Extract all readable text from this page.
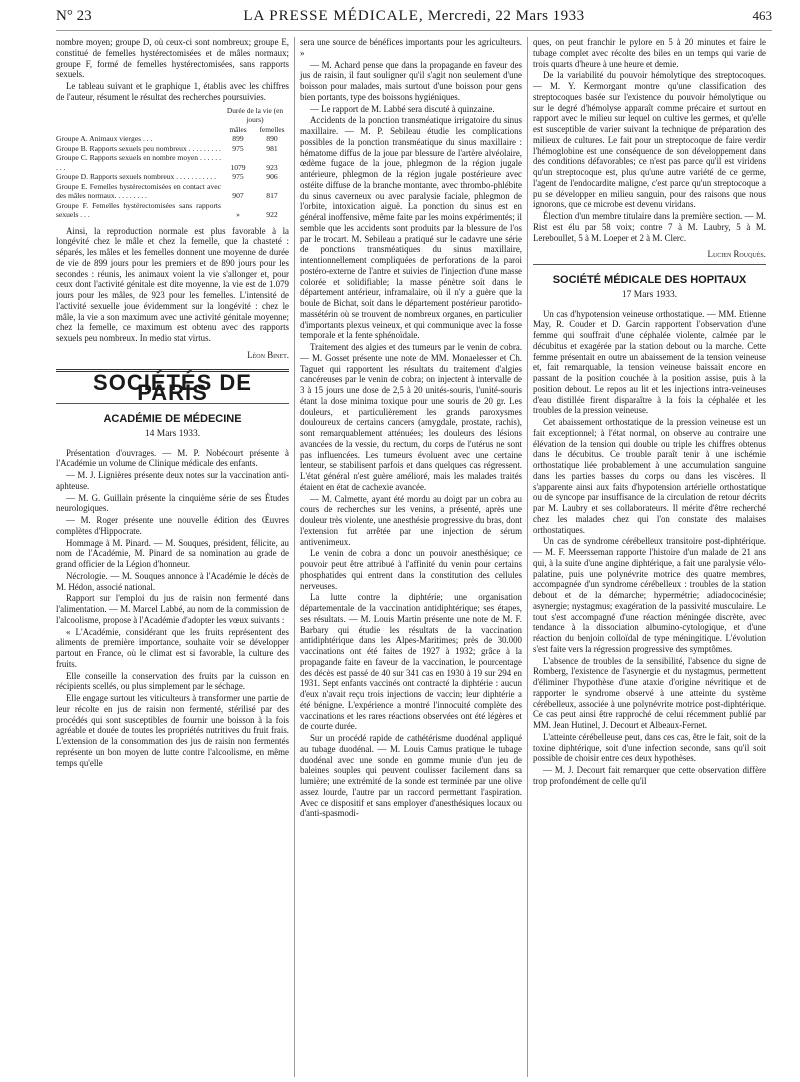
N° 23	LA PRESSE MÉDICALE, Mercredi, 22 Mars 1933	463

nombre moyen; groupe D, où ceux-ci sont nombreux; groupe E, constitué de femelles hystérectomisées et de mâles normaux; groupe F, formé de femelles hystérectomisées, sans rapports sexuels.

Le tableau suivant et le graphique 1, établis avec les chiffres de l'auteur, résument le résultat des recherches poursuivies.

	Durée de la vie (en jours)	
	mâles	femelles
Groupe A. Animaux vierges . . .	899	890
Groupe B. Rapports sexuels peu nombreux . . . . . . . . .	975	981
Groupe C. Rapports sexuels en nombre moyen . . . . . . . . .	1079	923
Groupe D. Rapports sexuels nombreux . . . . . . . . . . .	975	906
Groupe E. Femelles hystérectomisées en contact avec des mâles normaux. . . . . . . . .	907	817
Groupe F. Femelles hystérectomisées sans rapports sexuels . . .	»	922

Ainsi, la reproduction normale est plus favorable à la longévité chez le mâle et chez la femelle, que la chasteté : séparés, les mâles et les femelles donnent une moyenne de durée de vie de 899 jours pour les premiers et de 890 jours pour les secondes : réunis, les animaux voient la vie s'allonger et, pour ceux dont l'activité génitale est dite moyenne, la vie est de 1.079 jours pour les mâles, de 923 pour les femelles. L'intensité de l'activité sexuelle joue évidemment sur la longévité : chez le mâle, la vie a son maximum avec une activité génitale moyenne; chez la femelle, ce maximum est obtenu avec des rapports sexuels peu nombreux. In medio stat virtus.

Léon Binet.
SOCIÉTÉS DE PARIS
ACADÉMIE DE MÉDECINE
14 Mars 1933.

Présentation d'ouvrages. — M. P. Nobécourt présente à l'Académie un volume de Clinique médicale des enfants.

— M. J. Lignières présente deux notes sur la vaccination anti-aphteuse.

— M. G. Guillain présente la cinquième série de ses Études neurologiques.

— M. Roger présente une nouvelle édition des Œuvres complètes d'Hippocrate.

Hommage à M. Pinard. — M. Souques, président, félicite, au nom de l'Académie, M. Pinard de sa nomination au grade de grand officier de la Légion d'honneur.

Nécrologie. — M. Souques annonce à l'Académie le décès de M. Hédon, associé national.

Rapport sur l'emploi du jus de raisin non fermenté dans l'alimentation. — M. Marcel Labbé, au nom de la commission de l'alcoolisme, propose à l'Académie d'adopter les vœux suivants :

« L'Académie, considérant que les fruits représentent des aliments de première importance, souhaite voir se développer partout en France, où le climat est si favorable, la culture des fruits.

Elle conseille la conservation des fruits par la cuisson en récipients scellés, ou plus simplement par le séchage.

Elle engage surtout les viticulteurs à transformer une partie de leur récolte en jus de raisin non fermenté, stérilisé par des procédés qui sont susceptibles de fournir une boisson à la fois agréable et douée de toutes les propriétés nutritives du fruit frais. L'extension de la consommation des jus de raisin non fermentés représente un bon moyen de lutte contre l'alcoolisme, en même temps qu'elle

sera une source de bénéfices importants pour les agriculteurs. »

— M. Achard pense que dans la propagande en faveur des jus de raisin, il faut souligner qu'il s'agit non seulement d'une boisson pour malades, mais surtout d'une boisson pour gens bien portants, type des boissons hygiéniques.

— Le rapport de M. Labbé sera discuté à quinzaine.

Accidents de la ponction transméatique irrigatoire du sinus maxillaire. — M. P. Sebileau étudie les complications possibles de la ponction transméatique du sinus maxillaire : hématome diffus de la joue par blessure de l'artère alvéolaire, œdème fugace de la joue, phlegmon de la région jugale antérieure, phlegmon de la région jugale postérieure avec ostéite diffuse de la branche montante, avec thrombo-phlébite du sinus caverneux ou avec paralysie faciale, phlegmon de l'orbite, intoxication aiguë. La ponction du sinus est en général inoffensive, même faite par les moins expérimentés; il semble que les accidents sont produits par la blessure de l'os par le trocart. M. Sebileau a pratiqué sur le cadavre une série de ponctions transméatiques du sinus maxillaire, intentionnellement compliquées de perforations de la paroi postéro-externe de l'antre et suivies de l'injection d'une masse colorée et solidifiable; la masse pénètre soit dans le département antérieur, inframalaire, où il n'y a guère que la boule de Bichat, soit dans le département postérieur parotido-massétérin où se trouvent de nombreux organes, en particulier d'importants plexus veineux, et qui communique avec la fosse temporale et la fente sphénoïdale.

Traitement des algies et des tumeurs par le venin de cobra. — M. Gosset présente une note de MM. Monaelesser et Ch. Taguet qui rapportent les résultats du traitement d'algies cancéreuses par le venin de cobra; on injectent à intervalle de 3 à 15 jours une dose de 2,5 à 20 unités-souris, l'unité-souris étant la dose minima toxique pour une souris de 20 gr. Les douleurs, et particulièrement les grands paroxysmes douloureux de certains cancers (amygdale, prostate, rachis), sont remarquablement atténuées; les douleurs des lésions avancées de la vessie, du rectum, du corps de l'utérus ne sont pas influencées. Les tumeurs évoluent avec une certaine lenteur, se stabilisent parfois et dans quelques cas régressent. L'état général n'est guère amélioré, mais les malades traités étaient en état de cachexie avancée.

— M. Calmette, ayant été mordu au doigt par un cobra au cours de recherches sur les venins, a présenté, après une douleur très violente, une anesthésie progressive du bras, dont l'extension fut arrêtée par une injection de sérum antivenimeux.

Le venin de cobra a donc un pouvoir anesthésique; ce pouvoir peut être attribué à l'affinité du venin pour certains phosphatides qui entrent dans la constitution des cellules nerveuses.

La lutte contre la diphtérie; une organisation départementale de la vaccination antidiphtérique; ses étapes, ses résultats. — M. Louis Martin présente une note de M. F. Barbary qui étudie les résultats de la vaccination antidiphtérique dans les Alpes-Maritimes; près de 30.000 vaccinations ont été faites de 1927 à 1932; grâce à la propagande faite en faveur de la vaccination, le pourcentage des décès est passé de 40 sur 341 cas en 1930 à 19 sur 294 en 1931. Sept enfants vaccinés ont contracté la diphtérie : aucun d'eux n'avait reçu trois injections de vaccin; leur diphtérie a été bénigne. L'expérience a montré l'innocuité complète des vaccinations et les rares réactions observées ont été légères et de courte durée.

Sur un procédé rapide de cathétérisme duodénal appliqué au tubage duodénal. — M. Louis Camus pratique le tubage duodénal avec une sonde en gomme munie d'un jeu de baleines souples qui peuvent coulisser facilement dans sa lumière; une extrémité de la sonde est terminée par une olive assez lourde, l'autre par un raccord permettant l'aspiration. Avec ce dispositif et sans employer d'anesthésiques locaux ou d'anti-spasmodi-

ques, on peut franchir le pylore en 5 à 20 minutes et faire le tubage complet avec récolte des biles en un temps qui varie de trois quarts d'heure à une heure et demie.

De la variabilité du pouvoir hémolytique des streptocoques. — M. Y. Kermorgant montre qu'une classification des streptocoques basée sur l'existence du pouvoir hémolytique ou sur le degré d'hémolyse apparaît comme précaire et surtout en rapport avec le milieu sur lequel on cultive les germes, et qu'elle est susceptible de varier suivant la technique de préparation des milieux de cultures. Le fait pour un streptocoque de faire verdir l'hémoglobine est une conséquence de son développement dans des conditions défavorables; ce n'est pas parce qu'il est viridens qu'un streptocoque est, plus qu'une autre variété de ce germe, l'agent de l'endocardite maligne, c'est parce qu'un streptocoque a pu se développer en milieu sanguin, pour des raisons que nous ignorons, que ce microbe est devenu viridans.

Élection d'un membre titulaire dans la première section. — M. Rist est élu par 58 voix; contre 7 à M. Laubry, 5 à M. Lereboullet, 5 à M. Loeper et 2 à M. Clerc.

Lucien Rouquès.
SOCIÉTÉ MÉDICALE DES HOPITAUX
17 Mars 1933.

Un cas d'hypotension veineuse orthostatique. — MM. Etienne May, R. Couder et D. Garcin rapportent l'observation d'une femme qui souffrait d'une céphalée violente, calmée par le décubitus et exagérée par la station debout ou la marche. Cette femme présentait en outre un abaissement de la tension veineuse et, fait remarquable, la tension veineuse baissait encore en passant de la position couchée à la position assise, puis à la position debout. Le repos au lit et les injections intra-veineuses d'eau distillée firent disparaître à la fois la céphalée et les troubles de la pression veineuse.

Cet abaissement orthostatique de la pression veineuse est un fait exceptionnel; à l'état normal, on observe au contraire une élévation de la tension qui double ou triple les chiffres obtenus dans le décubitus. Ce trouble paraît tenir à une ischémie orthostatique liée probablement à une accumulation sanguine dans les parties basses du corps ou dans les viscères. Il s'apparente ainsi aux faits d'hypotension artérielle orthostatique ou de syncope par insuffisance de la circulation de retour décrits par M. Laubry et ses collaborateurs. Il mérite d'être recherché chez les malades chez qui l'on constate des malaises orthostatiques.

Un cas de syndrome cérébelleux transitoire post-diphtérique. — M. F. Meersseman rapporte l'histoire d'un malade de 21 ans qui, à la suite d'une angine diphtérique, a fait une paralysie vélo-palatine, puis une polynévrite motrice des quatre membres, accompagnée d'un syndrome cérébelleux : troubles de la station debout et de la démarche; hypermétrie; adiadococinésie; asynergie; nystagmus; exagération de la passivité musculaire. Le tout s'est accompagné d'une réaction méningée discrète, avec tendance à la dissociation albumino-cytologique, et d'une réaction du benjoin colloïdal de type méningitique. L'évolution s'est faite vers la régression progressive des symptômes.

L'absence de troubles de la sensibilité, l'absence du signe de Romberg, l'existence de l'asynergie et du nystagmus, permettent d'éliminer l'hypothèse d'une ataxie d'origine névritique et de rapporter le syndrome observé à une atteinte du système cérébelleux, associée à une polynévrite motrice post-diphtérique. Ce cas peut ainsi être rapproché de celui récemment publié par MM. Jean Hutinel, J. Decourt et Albeaux-Fernet.

L'atteinte cérébelleuse peut, dans ces cas, être le fait, soit de la toxine diphtérique, soit d'une infection seconde, sans qu'il soit possible de choisir entre ces deux hypothèses.

— M. J. Decourt fait remarquer que cette observation diffère trop profondément de celle qu'il
